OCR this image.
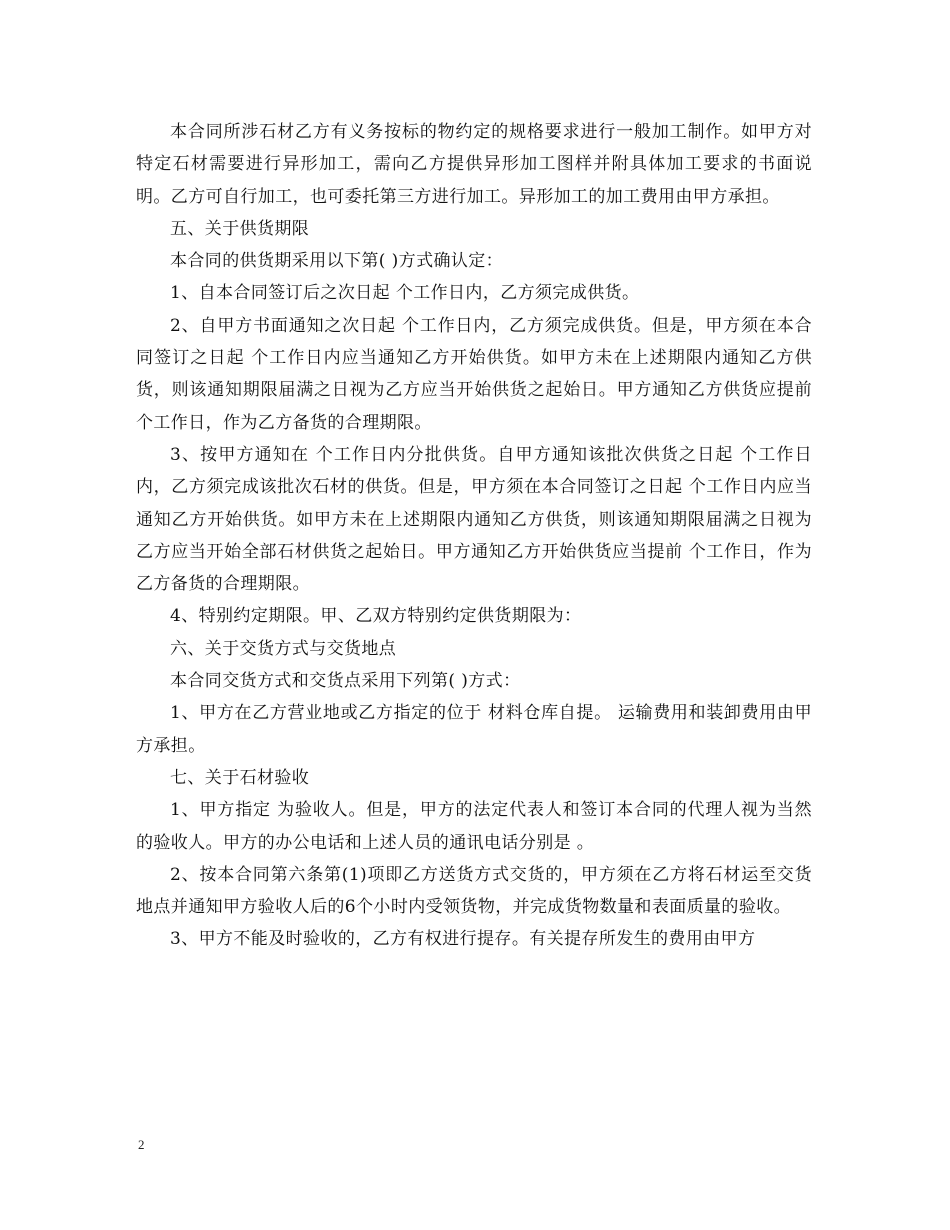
本合同所涉石材乙方有义务按标的物约定的规格要求进行一般加工制作。如甲方对特定石材需要进行异形加工，需向乙方提供异形加工图样并附具体加工要求的书面说明。乙方可自行加工，也可委托第三方进行加工。异形加工的加工费用由甲方承担。

五、关于供货期限

本合同的供货期采用以下第( )方式确认定：

1、自本合同签订后之次日起 个工作日内，乙方须完成供货。

2、自甲方书面通知之次日起 个工作日内，乙方须完成供货。但是，甲方须在本合同签订之日起 个工作日内应当通知乙方开始供货。如甲方未在上述期限内通知乙方供货，则该通知期限届满之日视为乙方应当开始供货之起始日。甲方通知乙方供货应提前 个工作日，作为乙方备货的合理期限。

3、按甲方通知在 个工作日内分批供货。自甲方通知该批次供货之日起 个工作日内，乙方须完成该批次石材的供货。但是，甲方须在本合同签订之日起 个工作日内应当通知乙方开始供货。如甲方未在上述期限内通知乙方供货，则该通知期限届满之日视为乙方应当开始全部石材供货之起始日。甲方通知乙方开始供货应当提前 个工作日，作为乙方备货的合理期限。

4、特别约定期限。甲、乙双方特别约定供货期限为：

六、关于交货方式与交货地点

本合同交货方式和交货点采用下列第( )方式：

1、甲方在乙方营业地或乙方指定的位于 材料仓库自提。 运输费用和装卸费用由甲方承担。

七、关于石材验收

1、甲方指定 为验收人。但是，甲方的法定代表人和签订本合同的代理人视为当然的验收人。甲方的办公电话和上述人员的通讯电话分别是 。

2、按本合同第六条第(1)项即乙方送货方式交货的，甲方须在乙方将石材运至交货地点并通知甲方验收人后的6个小时内受领货物，并完成货物数量和表面质量的验收。

3、甲方不能及时验收的，乙方有权进行提存。有关提存所发生的费用由甲方

2
